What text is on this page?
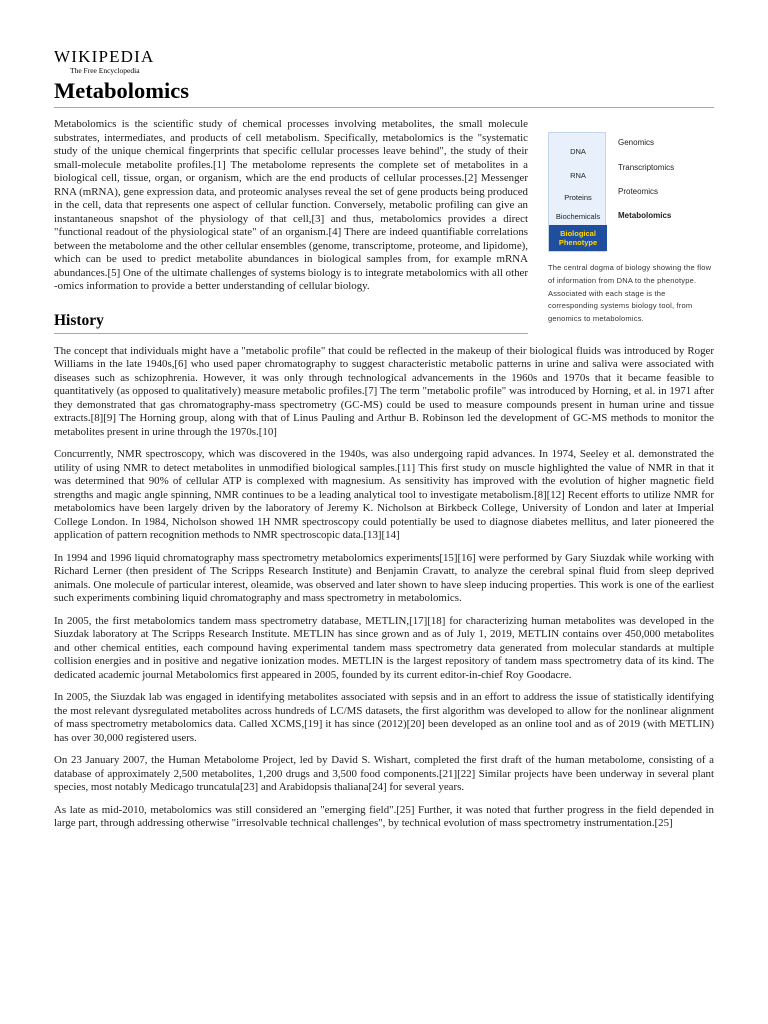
WIKIPEDIA
The Free Encyclopedia
Metabolomics

Metabolomics is the scientific study of chemical processes involving metabolites, the small molecule substrates, intermediates, and products of cell metabolism. Specifically, metabolomics is the "systematic study of the unique chemical fingerprints that specific cellular processes leave behind", the study of their small-molecule metabolite profiles.[1] The metabolome represents the complete set of metabolites in a biological cell, tissue, organ, or organism, which are the end products of cellular processes.[2] Messenger RNA (mRNA), gene expression data, and proteomic analyses reveal the set of gene products being produced in the cell, data that represents one aspect of cellular function. Conversely, metabolic profiling can give an instantaneous snapshot of the physiology of that cell,[3] and thus, metabolomics provides a direct "functional readout of the physiological state" of an organism.[4] There are indeed quantifiable correlations between the metabolome and the other cellular ensembles (genome, transcriptome, proteome, and lipidome), which can be used to predict metabolite abundances in biological samples from, for example mRNA abundances.[5] One of the ultimate challenges of systems biology is to integrate metabolomics with all other -omics information to provide a better understanding of cellular biology.

DNA
RNA
Proteins
Biochemicals
Biological Phenotype
Genomics
Transcriptomics
Proteomics
Metabolomics
The central dogma of biology showing the flow of information from DNA to the phenotype. Associated with each stage is the corresponding systems biology tool, from genomics to metabolomics.
History

The concept that individuals might have a "metabolic profile" that could be reflected in the makeup of their biological fluids was introduced by Roger Williams in the late 1940s,[6] who used paper chromatography to suggest characteristic metabolic patterns in urine and saliva were associated with diseases such as schizophrenia. However, it was only through technological advancements in the 1960s and 1970s that it became feasible to quantitatively (as opposed to qualitatively) measure metabolic profiles.[7] The term "metabolic profile" was introduced by Horning, et al. in 1971 after they demonstrated that gas chromatography-mass spectrometry (GC-MS) could be used to measure compounds present in human urine and tissue extracts.[8][9] The Horning group, along with that of Linus Pauling and Arthur B. Robinson led the development of GC-MS methods to monitor the metabolites present in urine through the 1970s.[10]

Concurrently, NMR spectroscopy, which was discovered in the 1940s, was also undergoing rapid advances. In 1974, Seeley et al. demonstrated the utility of using NMR to detect metabolites in unmodified biological samples.[11] This first study on muscle highlighted the value of NMR in that it was determined that 90% of cellular ATP is complexed with magnesium. As sensitivity has improved with the evolution of higher magnetic field strengths and magic angle spinning, NMR continues to be a leading analytical tool to investigate metabolism.[8][12] Recent efforts to utilize NMR for metabolomics have been largely driven by the laboratory of Jeremy K. Nicholson at Birkbeck College, University of London and later at Imperial College London. In 1984, Nicholson showed 1H NMR spectroscopy could potentially be used to diagnose diabetes mellitus, and later pioneered the application of pattern recognition methods to NMR spectroscopic data.[13][14]

In 1994 and 1996 liquid chromatography mass spectrometry metabolomics experiments[15][16] were performed by Gary Siuzdak while working with Richard Lerner (then president of The Scripps Research Institute) and Benjamin Cravatt, to analyze the cerebral spinal fluid from sleep deprived animals. One molecule of particular interest, oleamide, was observed and later shown to have sleep inducing properties. This work is one of the earliest such experiments combining liquid chromatography and mass spectrometry in metabolomics.

In 2005, the first metabolomics tandem mass spectrometry database, METLIN,[17][18] for characterizing human metabolites was developed in the Siuzdak laboratory at The Scripps Research Institute. METLIN has since grown and as of July 1, 2019, METLIN contains over 450,000 metabolites and other chemical entities, each compound having experimental tandem mass spectrometry data generated from molecular standards at multiple collision energies and in positive and negative ionization modes. METLIN is the largest repository of tandem mass spectrometry data of its kind. The dedicated academic journal Metabolomics first appeared in 2005, founded by its current editor-in-chief Roy Goodacre.

In 2005, the Siuzdak lab was engaged in identifying metabolites associated with sepsis and in an effort to address the issue of statistically identifying the most relevant dysregulated metabolites across hundreds of LC/MS datasets, the first algorithm was developed to allow for the nonlinear alignment of mass spectrometry metabolomics data. Called XCMS,[19] it has since (2012)[20] been developed as an online tool and as of 2019 (with METLIN) has over 30,000 registered users.

On 23 January 2007, the Human Metabolome Project, led by David S. Wishart, completed the first draft of the human metabolome, consisting of a database of approximately 2,500 metabolites, 1,200 drugs and 3,500 food components.[21][22] Similar projects have been underway in several plant species, most notably Medicago truncatula[23] and Arabidopsis thaliana[24] for several years.

As late as mid-2010, metabolomics was still considered an "emerging field".[25] Further, it was noted that further progress in the field depended in large part, through addressing otherwise "irresolvable technical challenges", by technical evolution of mass spectrometry instrumentation.[25]
